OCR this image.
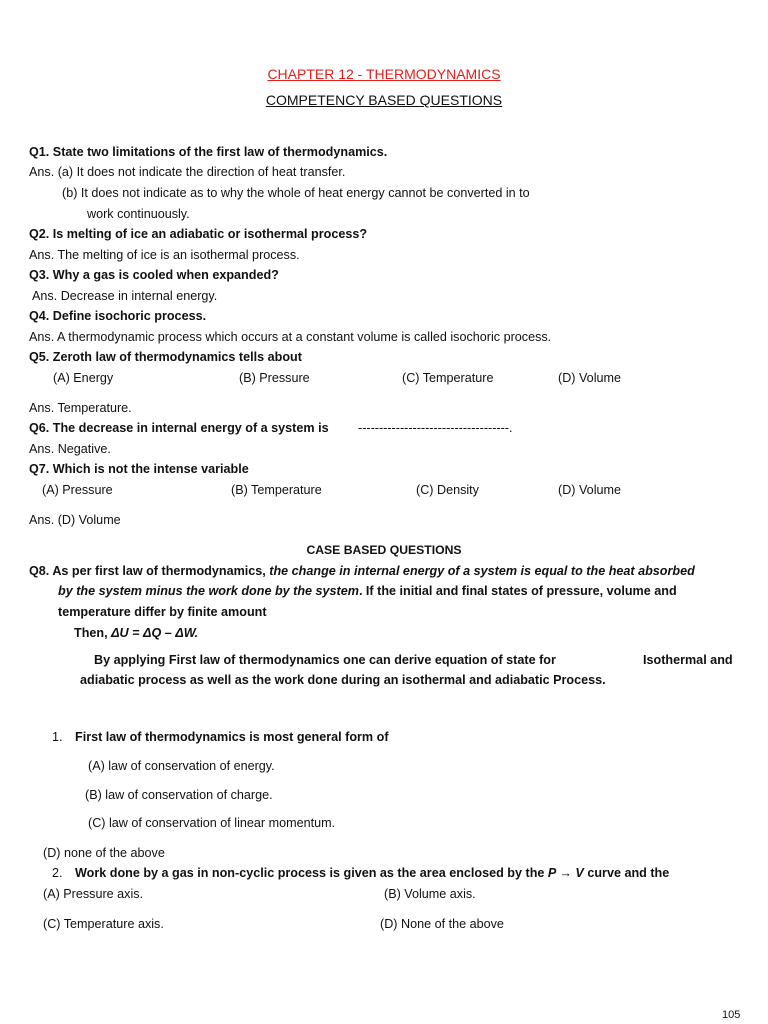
CHAPTER 12 - THERMODYNAMICS
COMPETENCY BASED QUESTIONS
Q1. State two limitations of the first law of thermodynamics.
Ans. (a) It does not indicate the direction of heat transfer.
(b) It does not indicate as to why the whole of heat energy cannot be converted in to
work continuously.
Q2. Is melting of ice an adiabatic or isothermal process?
Ans. The melting of ice is an isothermal process.
Q3. Why a gas is cooled when expanded?
Ans. Decrease in internal energy.
Q4. Define isochoric process.
Ans. A thermodynamic process which occurs at a constant volume is called isochoric process.
Q5. Zeroth law of thermodynamics tells about
(A) Energy	(B) Pressure	(C) Temperature	(D) Volume
Ans. Temperature.
Q6. The decrease in internal energy of a system is ------------------------------------.
Ans. Negative.
Q7. Which is not the intense variable
(A) Pressure	(B) Temperature	(C) Density	(D) Volume
Ans. (D) Volume
CASE BASED QUESTIONS
Q8. As per first law of thermodynamics, the change in internal energy of a system is equal to the heat absorbed
by the system minus the work done by the system. If the initial and final states of pressure, volume and
temperature differ by finite amount
Then, ΔU = ΔQ – ΔW.
By applying First law of thermodynamics one can derive equation of state for	Isothermal and
adiabatic process as well as the work done during an isothermal and adiabatic Process.
1. First law of thermodynamics is most general form of
(A) law of conservation of energy.
(B) law of conservation of charge.
(C) law of conservation of linear momentum.
(D) none of the above
2. Work done by a gas in non-cyclic process is given as the area enclosed by the P → V curve and the
(A) Pressure axis.	(B) Volume axis.
(C) Temperature axis.	(D) None of the above
105
